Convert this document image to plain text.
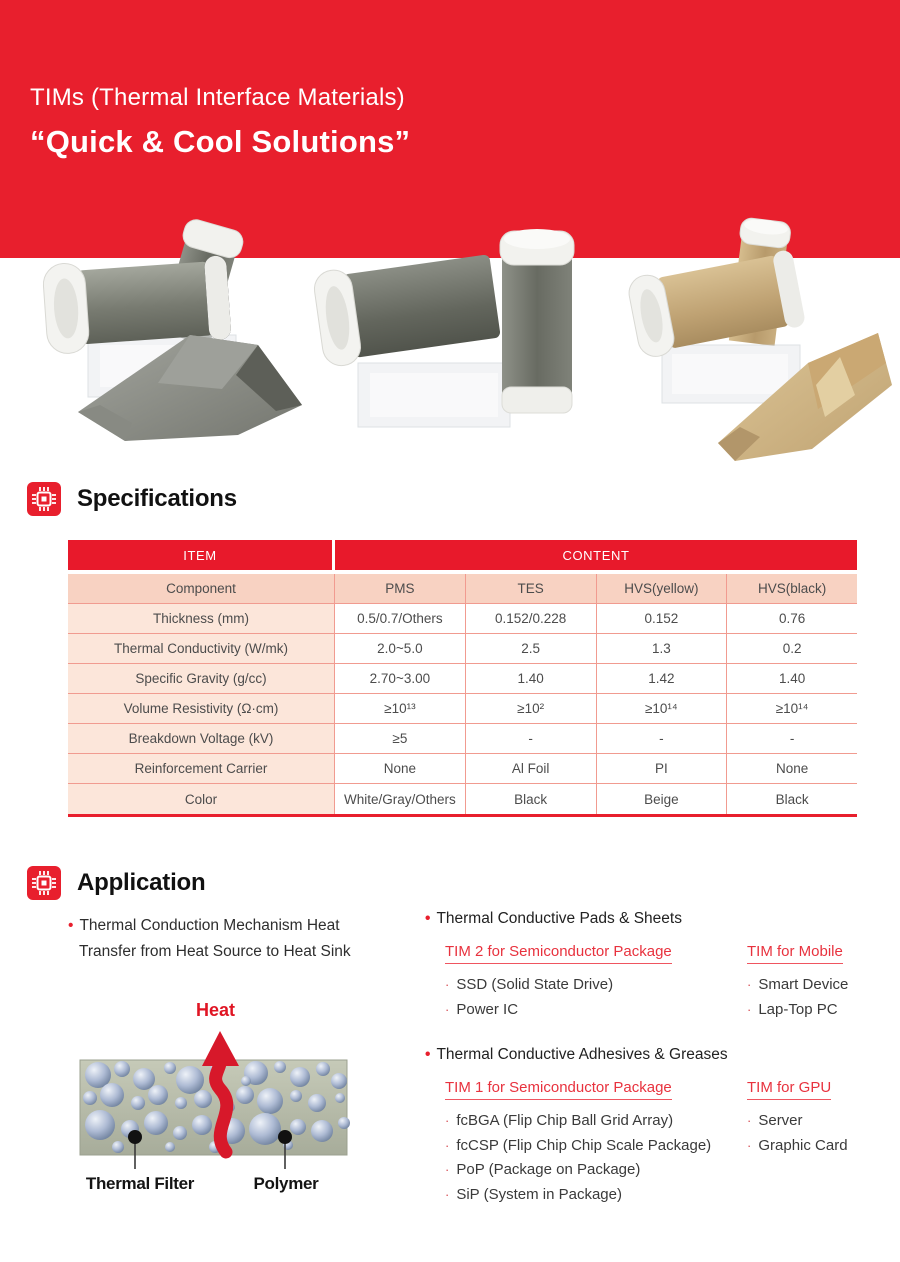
TIMs (Thermal Interface Materials)
“Quick & Cool Solutions”
Specifications
ITEM	CONTENT
Component	PMS	TES	HVS(yellow)	HVS(black)
Thickness (mm)	0.5/0.7/Others	0.152/0.228	0.152	0.76
Thermal Conductivity (W/mk)	2.0~5.0	2.5	1.3	0.2
Specific Gravity (g/cc)	2.70~3.00	1.40	1.42	1.40
Volume Resistivity (Ω·cm)	≥10¹³	≥10²	≥10¹⁴	≥10¹⁴
Breakdown Voltage (kV)	≥5	-	-	-
Reinforcement Carrier	None	Al Foil	PI	None
Color	White/Gray/Others	Black	Beige	Black
Application
• Thermal Conduction Mechanism Heat
Transfer from Heat Source to Heat Sink
Heat
Thermal Filter	Polymer
• Thermal Conductive Pads & Sheets
TIM 2 for Semiconductor Package
· SSD (Solid State Drive)
· Power IC
TIM for Mobile
· Smart Device
· Lap-Top PC
• Thermal Conductive Adhesives & Greases
TIM 1 for Semiconductor Package
· fcBGA (Flip Chip Ball Grid Array)
· fcCSP (Flip Chip Chip Scale Package)
· PoP (Package on Package)
· SiP (System in Package)
TIM for GPU
· Server
· Graphic Card
